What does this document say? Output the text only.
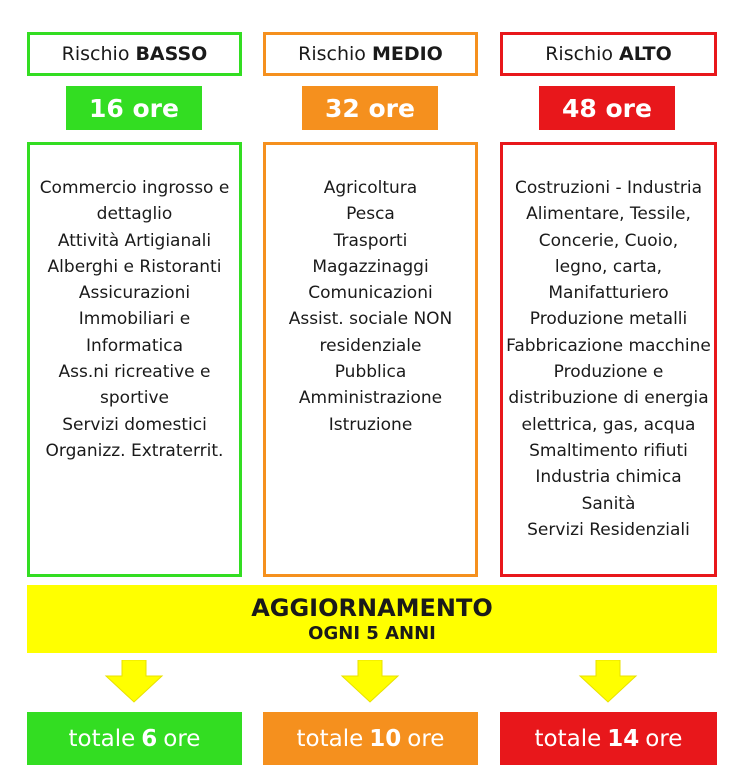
Rischio BASSO
16 ore
Commercio ingrosso e
dettaglio
Attività Artigianali
Alberghi e Ristoranti
Assicurazioni
Immobiliari e
Informatica
Ass.ni ricreative e
sportive
Servizi domestici
Organizz. Extraterrit.
Rischio MEDIO
32 ore
Agricoltura
Pesca
Trasporti
Magazzinaggi
Comunicazioni
Assist. sociale NON
residenziale
Pubblica
Amministrazione
Istruzione
Rischio ALTO
48 ore
Costruzioni - Industria
Alimentare, Tessile,
Concerie, Cuoio,
legno, carta,
Manifatturiero
Produzione metalli
Fabbricazione macchine
Produzione e
distribuzione di energia
elettrica, gas, acqua
Smaltimento rifiuti
Industria chimica
Sanità
Servizi Residenziali
AGGIORNAMENTO
OGNI 5 ANNI
totale 6 ore	totale 10 ore	totale 14 ore
